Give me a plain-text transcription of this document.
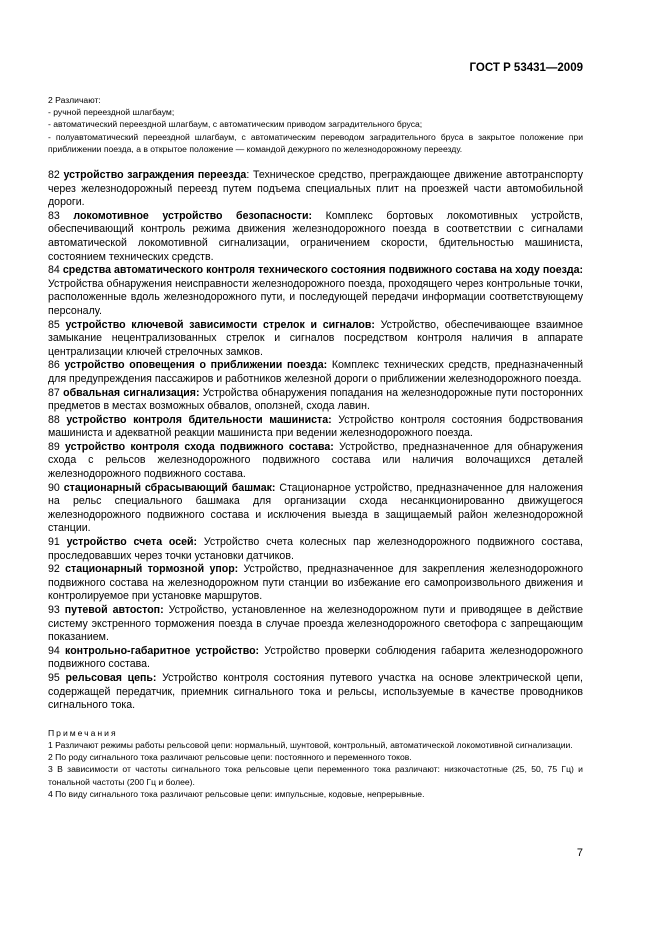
ГОСТ Р 53431—2009
2 Различают:
- ручной переездной шлагбаум;
- автоматический переездной шлагбаум, с автоматическим приводом заградительного бруса;
- полуавтоматический переездной шлагбаум, с автоматическим переводом заградительного бруса в закрытое положение при приближении поезда, а в открытое положение — командой дежурного по железнодорожному переезду.

82 устройство заграждения переезда: Техническое средство, преграждающее движение автотранспорту через железнодорожный переезд путем подъема специальных плит на проезжей части автомобильной дороги.

83 локомотивное устройство безопасности: Комплекс бортовых локомотивных устройств, обеспечивающий контроль режима движения железнодорожного поезда в соответствии с сигналами автоматической локомотивной сигнализации, ограничением скорости, бдительностью машиниста, состоянием технических средств.

84 средства автоматического контроля технического состояния подвижного состава на ходу поезда: Устройства обнаружения неисправности железнодорожного поезда, проходящего через контрольные точки, расположенные вдоль железнодорожного пути, и последующей передачи информации соответствующему персоналу.

85 устройство ключевой зависимости стрелок и сигналов: Устройство, обеспечивающее взаимное замыкание нецентрализованных стрелок и сигналов посредством контроля наличия в аппарате централизации ключей стрелочных замков.

86 устройство оповещения о приближении поезда: Комплекс технических средств, предназначенный для предупреждения пассажиров и работников железной дороги о приближении железнодорожного поезда.

87 обвальная сигнализация: Устройства обнаружения попадания на железнодорожные пути посторонних предметов в местах возможных обвалов, оползней, схода лавин.

88 устройство контроля бдительности машиниста: Устройство контроля состояния бодрствования машиниста и адекватной реакции машиниста при ведении железнодорожного поезда.

89 устройство контроля схода подвижного состава: Устройство, предназначенное для обнаружения схода с рельсов железнодорожного подвижного состава или наличия волочащихся деталей железнодорожного подвижного состава.

90 стационарный сбрасывающий башмак: Стационарное устройство, предназначенное для наложения на рельс специального башмака для организации схода несанкционированно движущегося железнодорожного подвижного состава и исключения выезда в защищаемый район железнодорожной станции.

91 устройство счета осей: Устройство счета колесных пар железнодорожного подвижного состава, проследовавших через точки установки датчиков.

92 стационарный тормозной упор: Устройство, предназначенное для закрепления железнодорожного подвижного состава на железнодорожном пути станции во избежание его самопроизвольного движения и контролируемое при установке маршрутов.

93 путевой автостоп: Устройство, установленное на железнодорожном пути и приводящее в действие систему экстренного торможения поезда в случае проезда железнодорожного светофора с запрещающим показанием.

94 контрольно-габаритное устройство: Устройство проверки соблюдения габарита железнодорожного подвижного состава.

95 рельсовая цепь: Устройство контроля состояния путевого участка на основе электрической цепи, содержащей передатчик, приемник сигнального тока и рельсы, используемые в качестве проводников сигнального тока.

Примечания

1 Различают режимы работы рельсовой цепи: нормальный, шунтовой, контрольный, автоматической локомотивной сигнализации.

2 По роду сигнального тока различают рельсовые цепи: постоянного и переменного токов.

3 В зависимости от частоты сигнального тока рельсовые цепи переменного тока различают: низкочастотные (25, 50, 75 Гц) и тональной частоты (200 Гц и более).

4 По виду сигнального тока различают рельсовые цепи: импульсные, кодовые, непрерывные.

7
